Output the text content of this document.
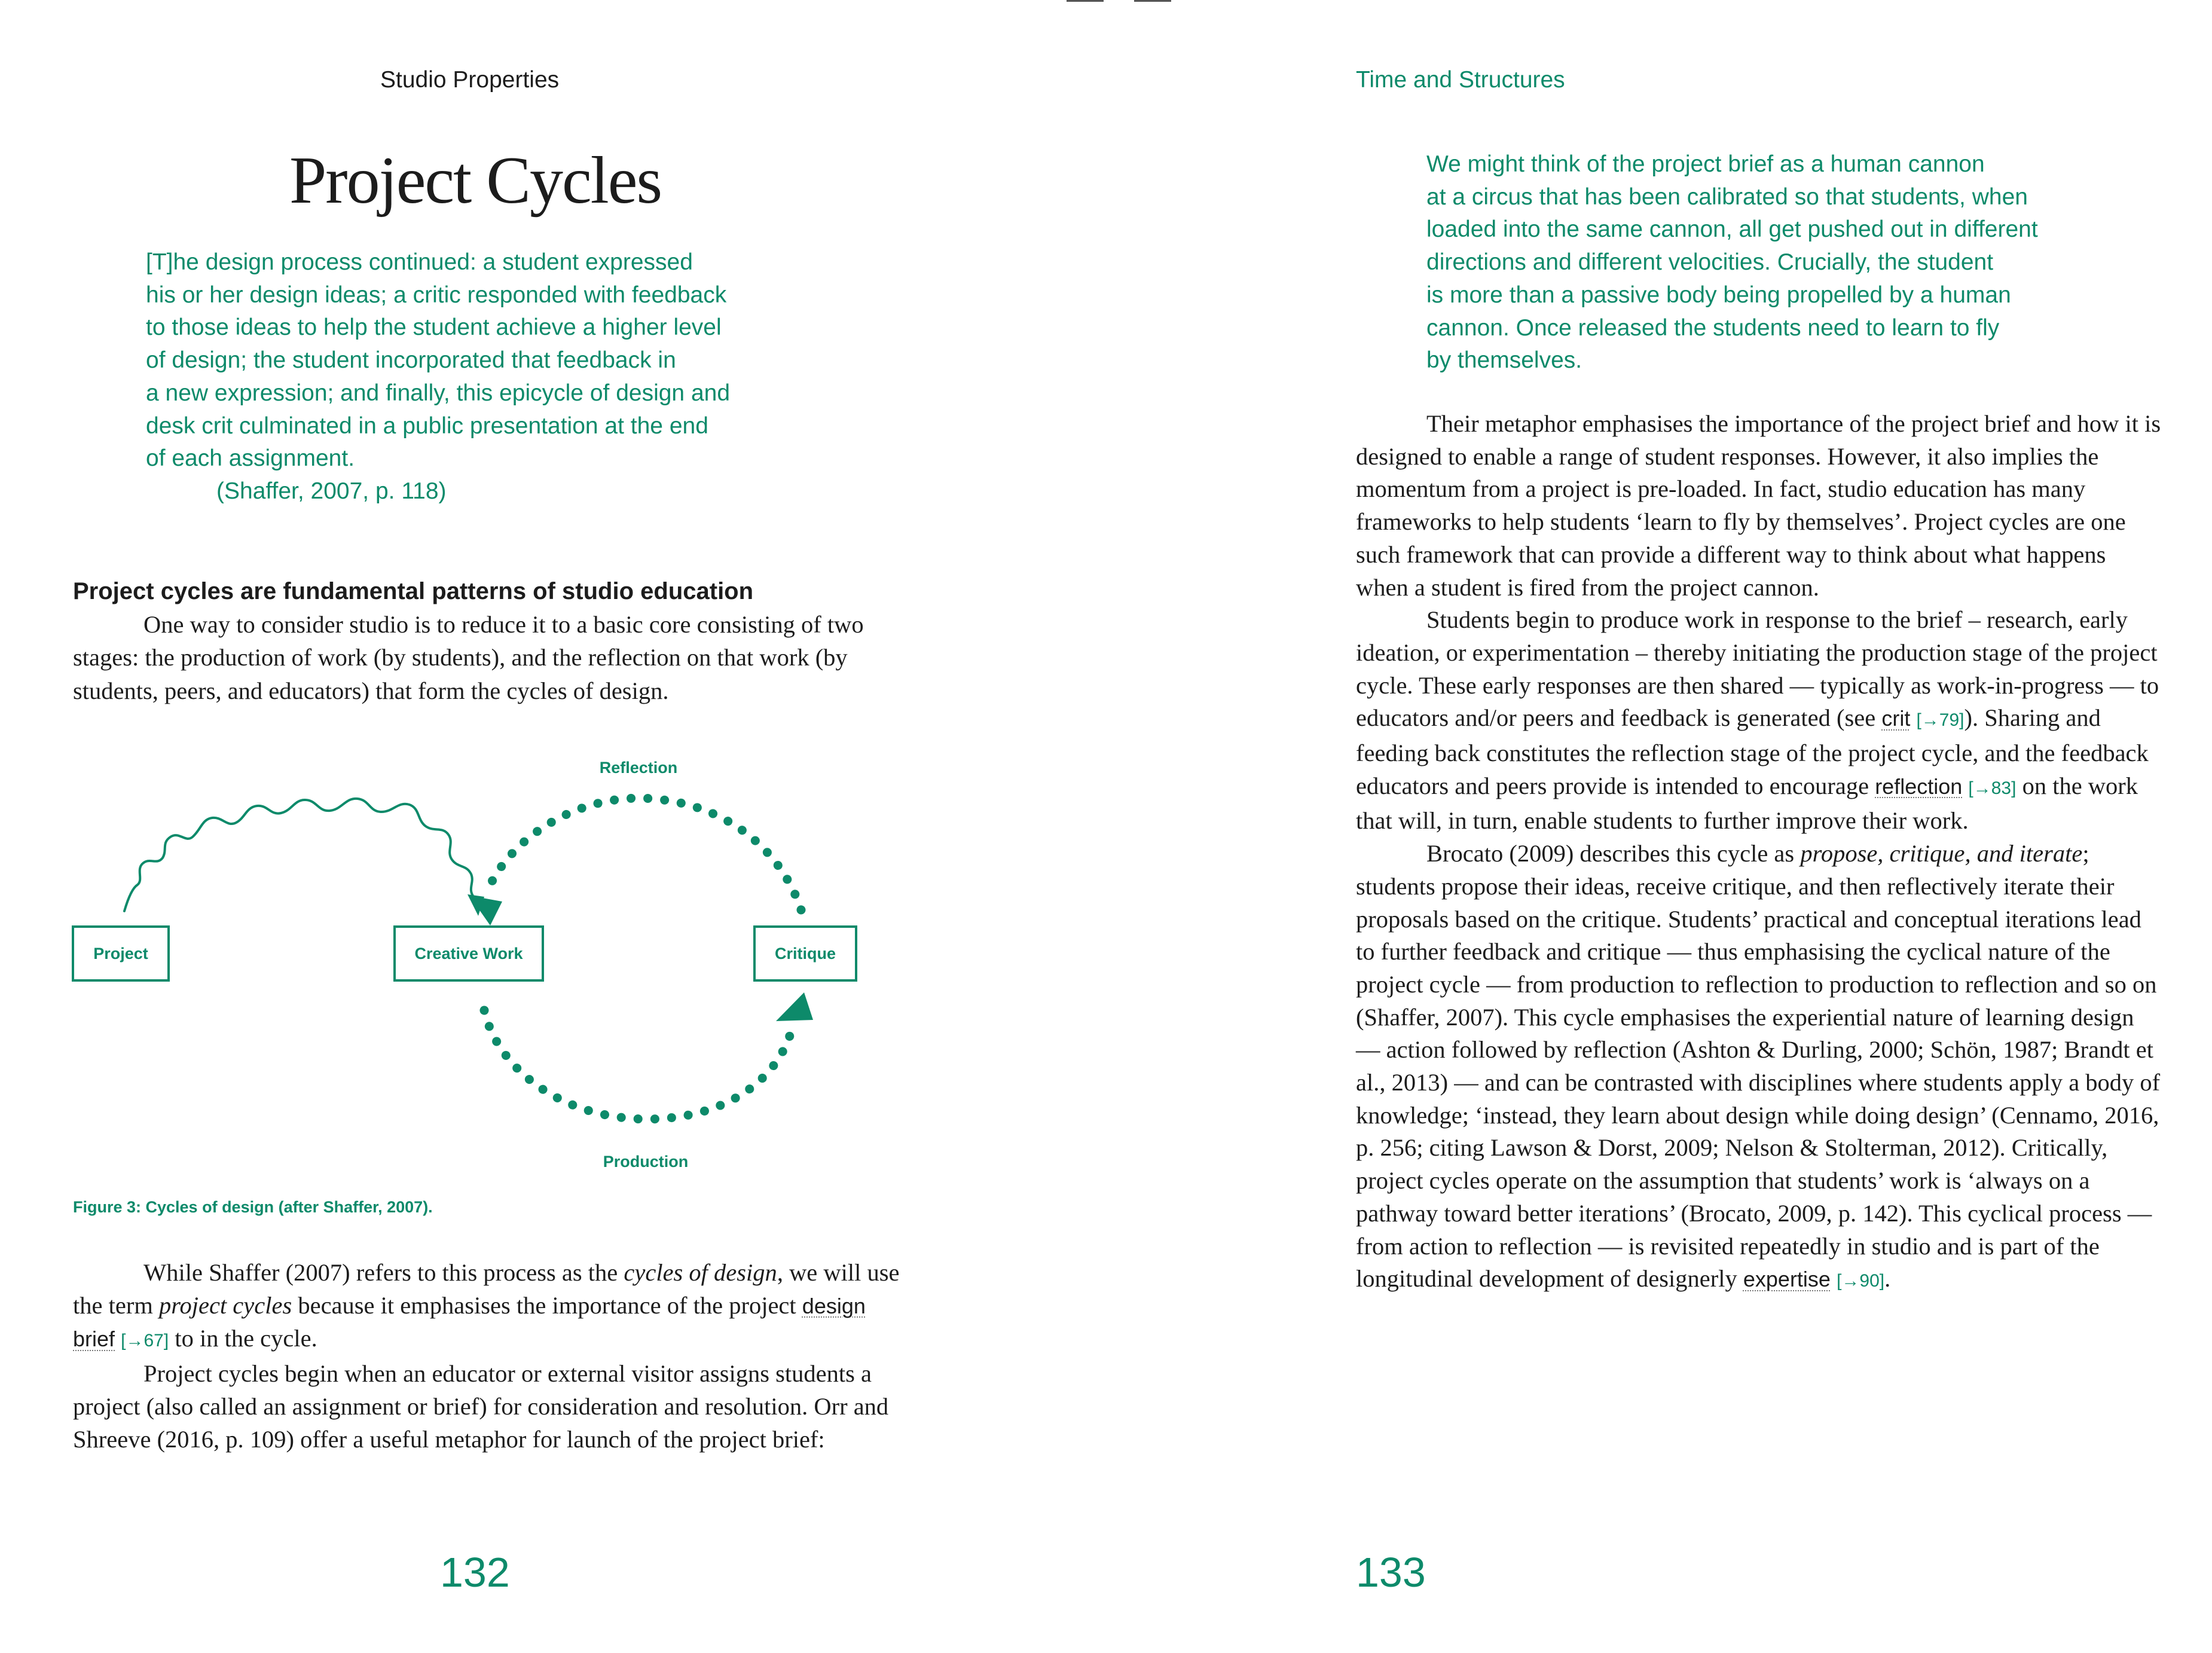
Studio Properties
Project Cycles

[T]he design process continued: a student expressed

his or her design ideas; a critic responded with feedback

to those ideas to help the student achieve a higher level

of design; the student incorporated that feedback in

a new expression; and finally, this epicycle of design and

desk crit culminated in a public presentation at the end

of each assignment.

(Shaffer, 2007, p. 118)

Project cycles are fundamental patterns of studio education

One way to consider studio is to reduce it to a basic core consisting of two stages: the production of work (by students), and the reflection on that work (by students, peers, and educators) that form the cycles of design.

Project	Creative Work	Critique
Reflection
Production
Figure 3: Cycles of design (after Shaffer, 2007).

While Shaffer (2007) refers to this process as the cycles of design, we will use the term project cycles because it emphasises the importance of the project design brief [→67] to in the cycle.

Project cycles begin when an educator or external visitor assigns students a project (also called an assignment or brief) for consideration and resolution. Orr and Shreeve (2016, p. 109) offer a useful metaphor for launch of the project brief:

132
Time and Structures

We might think of the project brief as a human cannon

at a circus that has been calibrated so that students, when

loaded into the same cannon, all get pushed out in different

directions and different velocities. Crucially, the student

is more than a passive body being propelled by a human

cannon. Once released the students need to learn to fly

by themselves.

Their metaphor emphasises the importance of the project brief and how it is designed to enable a range of student responses. However, it also implies the momentum from a project is pre-loaded. In fact, studio education has many frameworks to help students ‘learn to fly by themselves’. Project cycles are one such framework that can provide a different way to think about what happens when a student is fired from the project cannon.

Students begin to produce work in response to the brief – research, early ideation, or experimentation – thereby initiating the production stage of the project cycle. These early responses are then shared — typically as work-in-progress — to educators and/or peers and feedback is generated (see crit [→79]). Sharing and feeding back constitutes the reflection stage of the project cycle, and the feedback educators and peers provide is intended to encourage reflection [→83] on the work that will, in turn, enable students to further improve their work.

Brocato (2009) describes this cycle as propose, critique, and iterate; students propose their ideas, receive critique, and then reflectively iterate their proposals based on the critique. Students’ practical and conceptual iterations lead to further feedback and critique — thus emphasising the cyclical nature of the project cycle — from production to reflection to production to reflection and so on (Shaffer, 2007). This cycle emphasises the experiential nature of learning design — action followed by reflection (Ashton & Durling, 2000; Schön, 1987; Brandt et al., 2013) — and can be contrasted with disciplines where students apply a body of knowledge; ‘instead, they learn about design while doing design’ (Cennamo, 2016, p. 256; citing Lawson & Dorst, 2009; Nelson & Stolterman, 2012). Critically, project cycles operate on the assumption that students’ work is ‘always on a pathway toward better iterations’ (Brocato, 2009, p. 142). This cyclical process — from action to reflection — is revisited repeatedly in studio and is part of the longitudinal development of designerly expertise [→90].

133
